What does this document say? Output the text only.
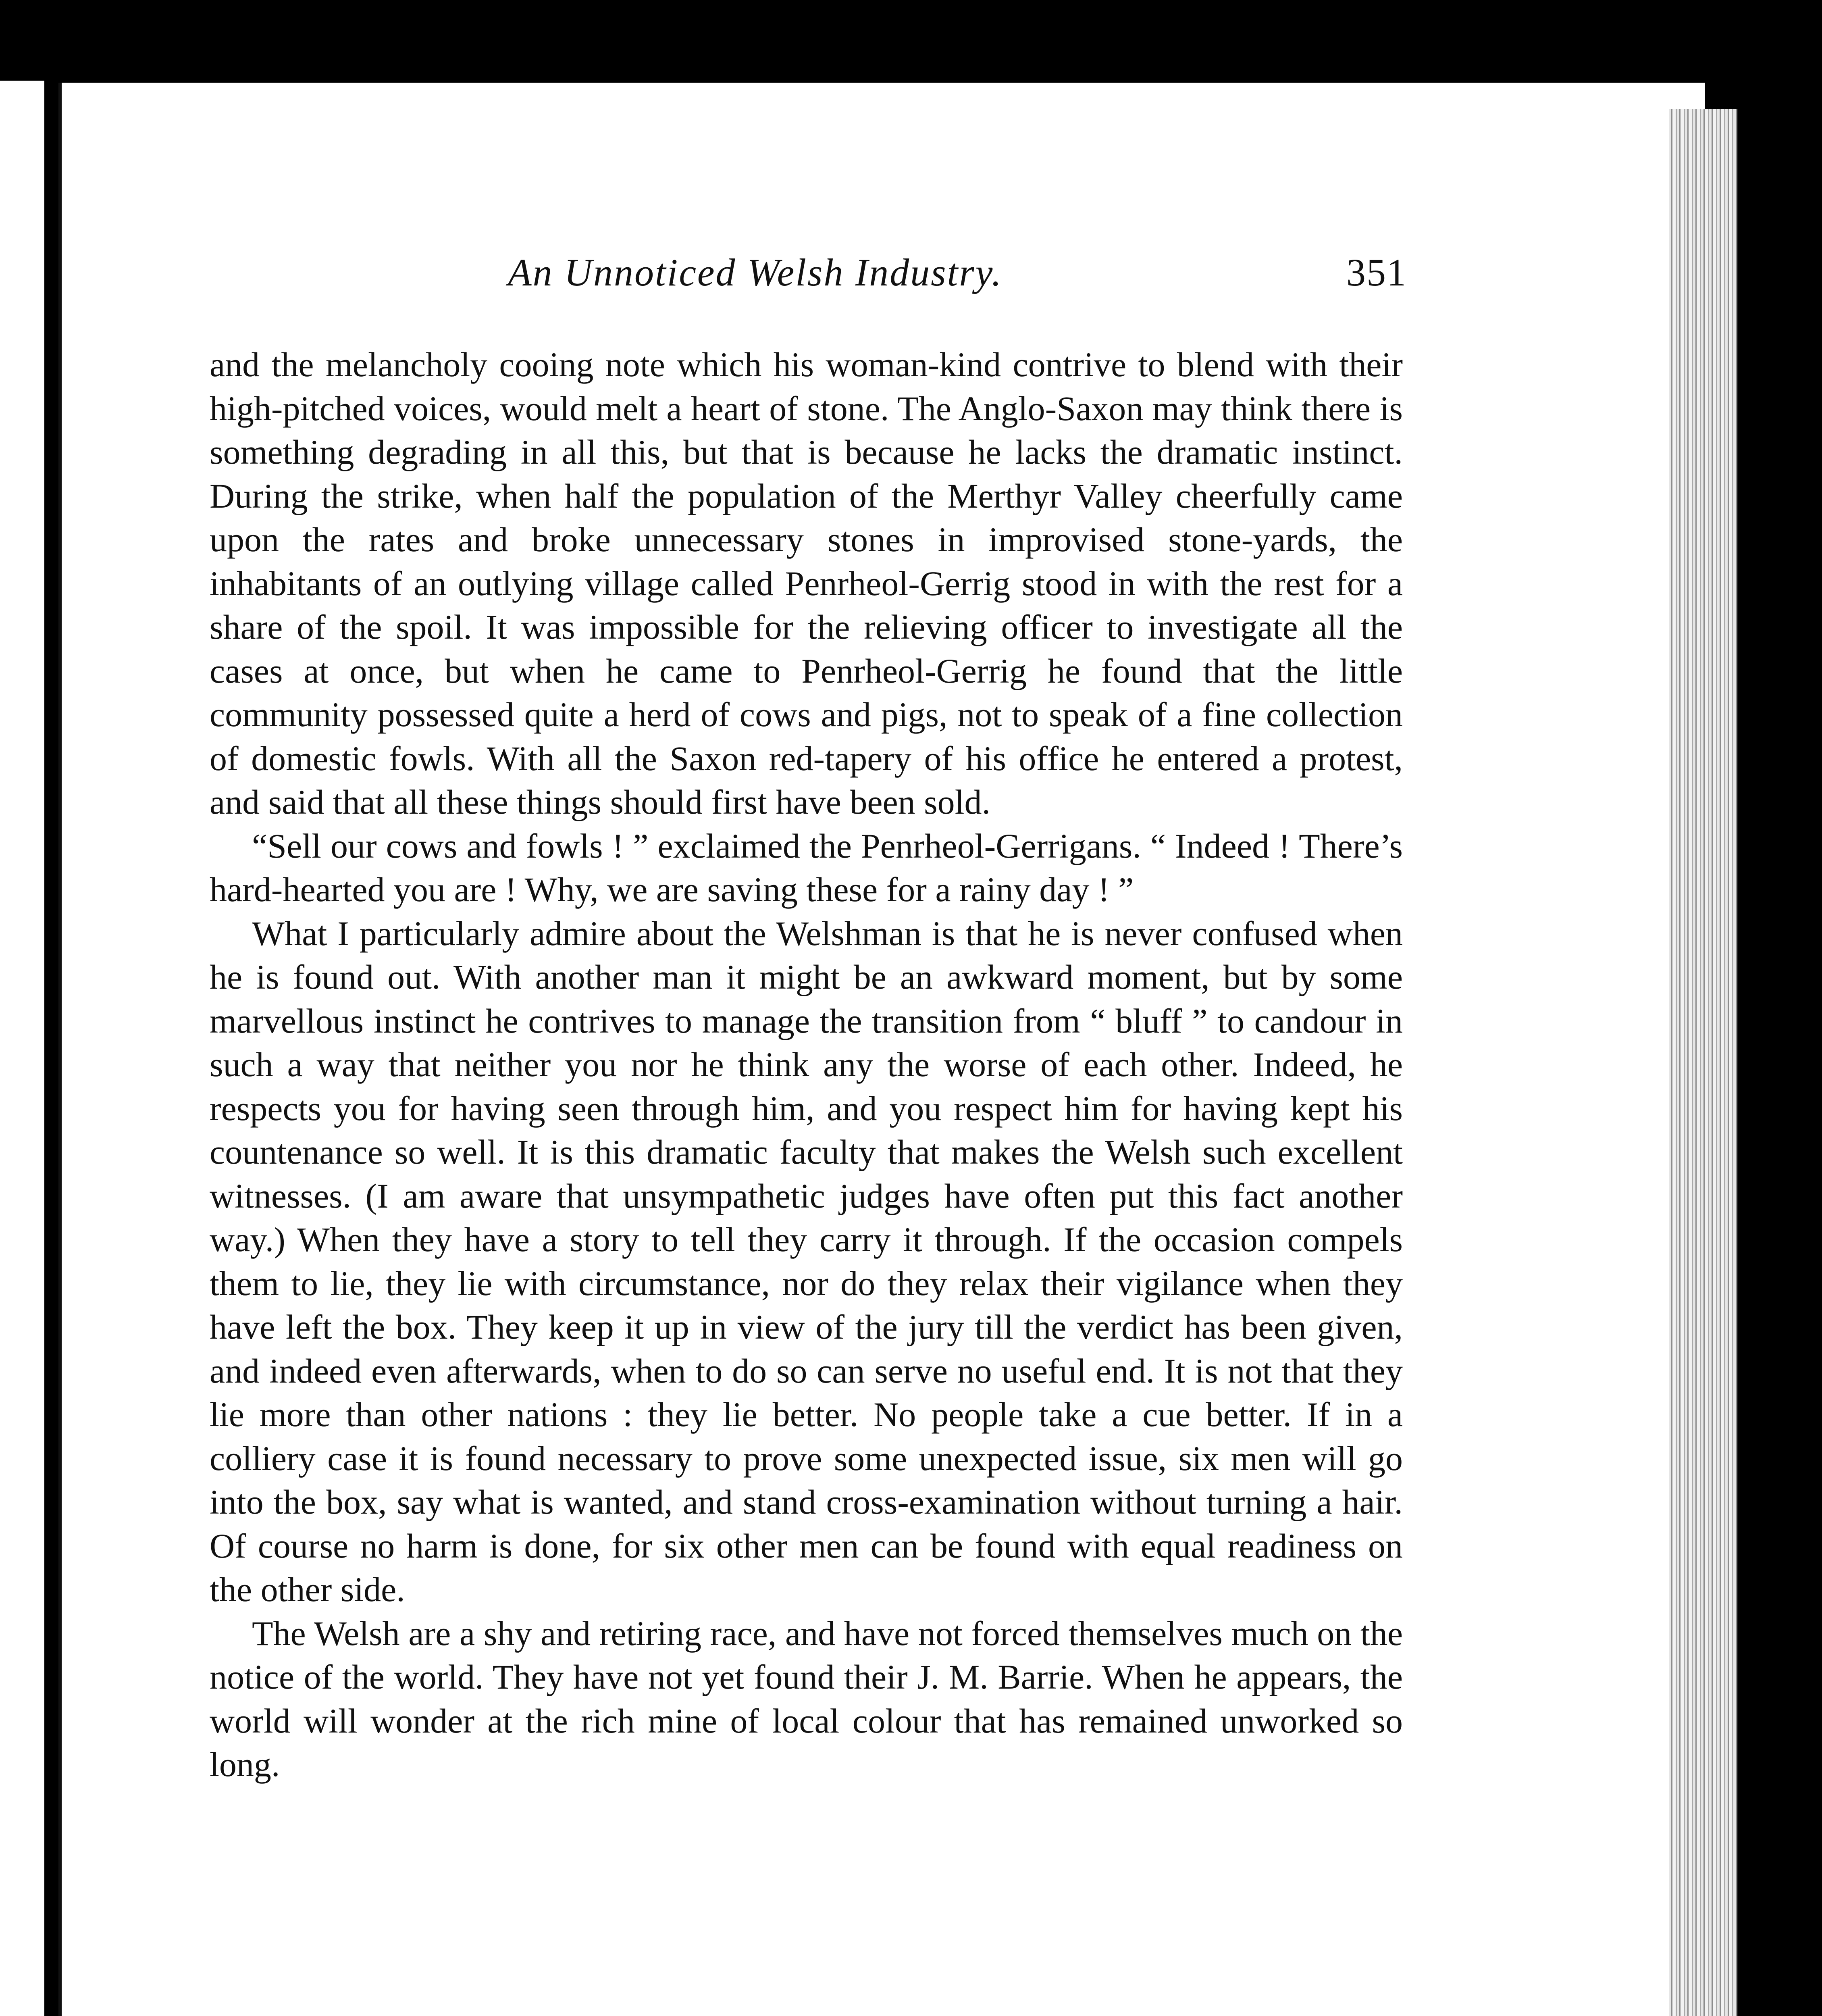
An Unnoticed Welsh Industry.	351

and the melancholy cooing note which his woman-kind contrive to blend with their high-pitched voices, would melt a heart of stone. The Anglo-Saxon may think there is something degrading in all this, but that is because he lacks the dramatic instinct. During the strike, when half the population of the Merthyr Valley cheerfully came upon the rates and broke unnecessary stones in improvised stone-yards, the inhabitants of an outlying village called Penrheol-Gerrig stood in with the rest for a share of the spoil. It was impossible for the relieving officer to investigate all the cases at once, but when he came to Penrheol-Gerrig he found that the little community possessed quite a herd of cows and pigs, not to speak of a fine collection of domestic fowls. With all the Saxon red-tapery of his office he entered a protest, and said that all these things should first have been sold.

“Sell our cows and fowls ! ” exclaimed the Penrheol-Gerrigans. “ Indeed ! There’s hard-hearted you are ! Why, we are saving these for a rainy day ! ”

What I particularly admire about the Welshman is that he is never confused when he is found out. With another man it might be an awkward moment, but by some marvellous instinct he contrives to manage the transition from “ bluff ” to candour in such a way that neither you nor he think any the worse of each other. Indeed, he respects you for having seen through him, and you respect him for having kept his countenance so well. It is this dramatic faculty that makes the Welsh such excellent witnesses. (I am aware that unsympathetic judges have often put this fact another way.) When they have a story to tell they carry it through. If the occasion compels them to lie, they lie with circumstance, nor do they relax their vigilance when they have left the box. They keep it up in view of the jury till the verdict has been given, and indeed even afterwards, when to do so can serve no useful end. It is not that they lie more than other nations : they lie better. No people take a cue better. If in a colliery case it is found necessary to prove some unexpected issue, six men will go into the box, say what is wanted, and stand cross-examination without turning a hair. Of course no harm is done, for six other men can be found with equal readiness on the other side.

The Welsh are a shy and retiring race, and have not forced themselves much on the notice of the world. They have not yet found their J. M. Barrie. When he appears, the world will wonder at the rich mine of local colour that has remained unworked so long.
